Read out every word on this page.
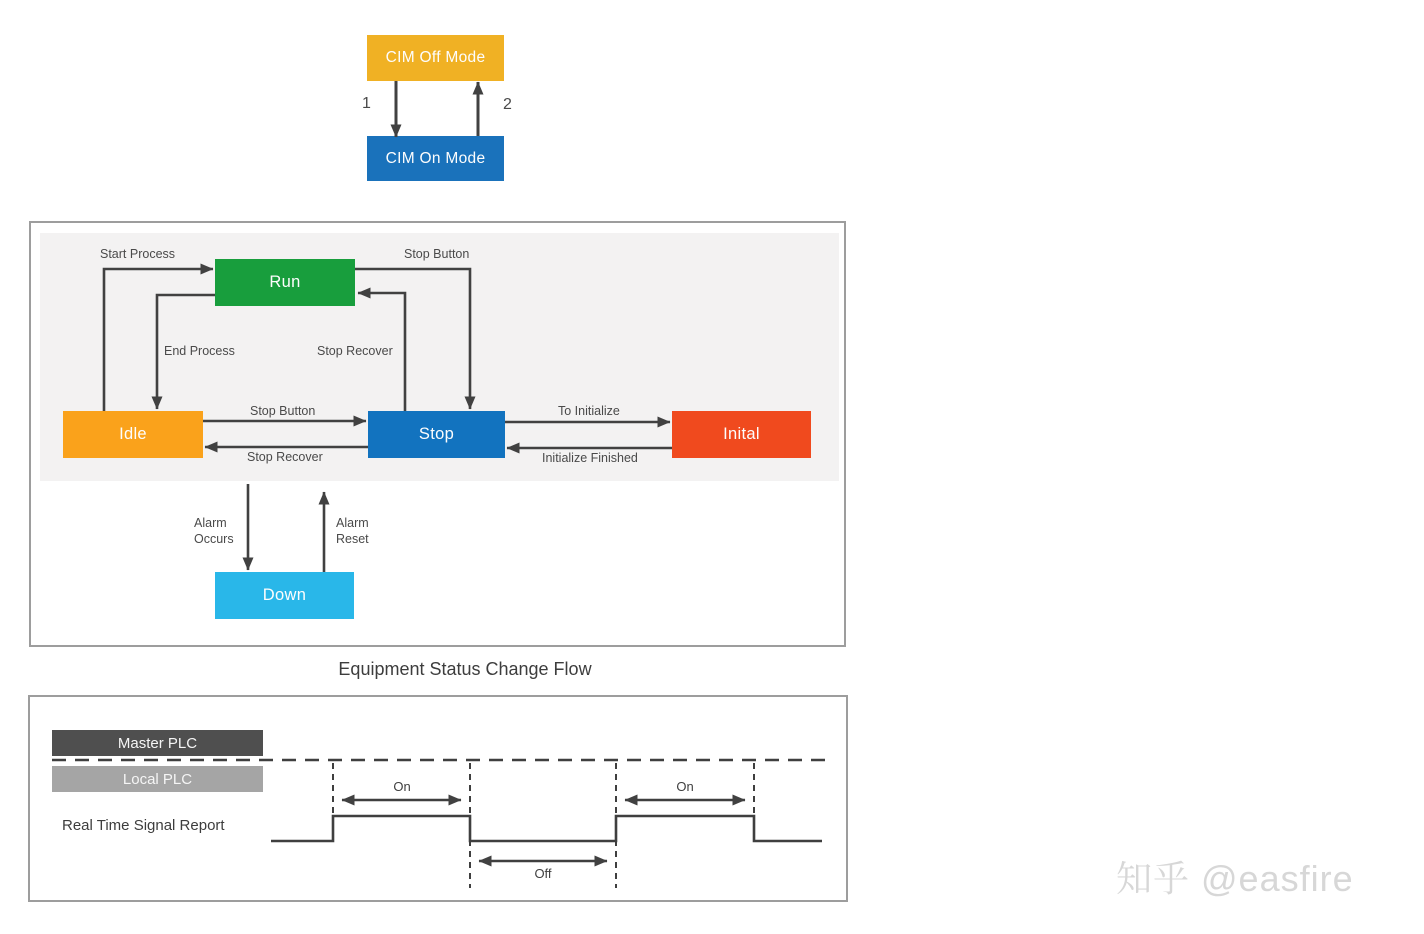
CIM Off Mode
1	2
CIM On Mode
Run
Idle	Stop	Inital
Down
Start Process	Stop Button
End Process	Stop Recover
Stop Button
Stop Recover
To Initialize
Initialize Finished
Alarm
Occurs
Alarm
Reset
Equipment Status Change Flow
Master PLC
Local PLC
Real Time Signal Report
On	On
Off	知乎 @easfire
